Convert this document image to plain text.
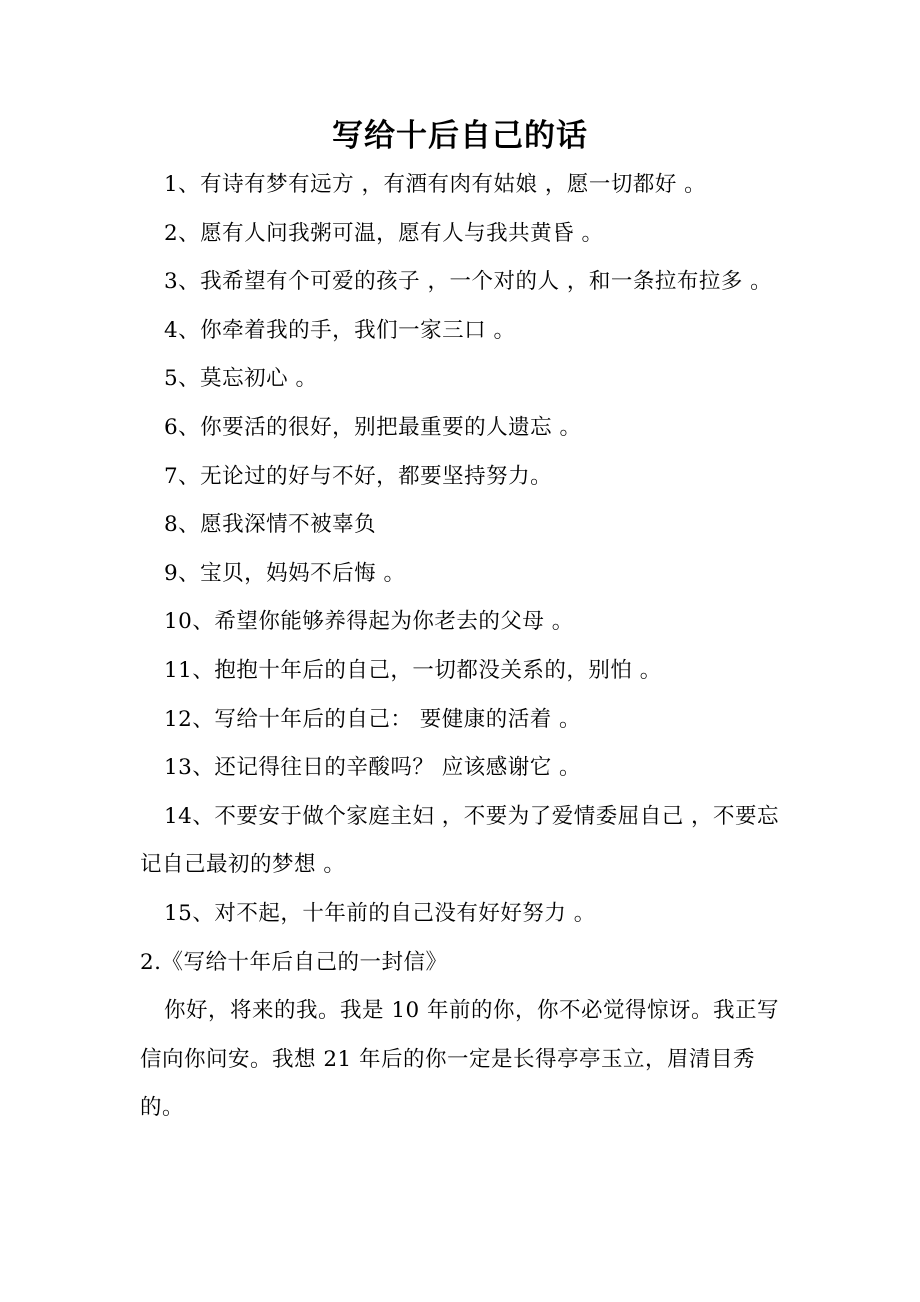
写给十后自己的话

1、有诗有梦有远方 ，有酒有肉有姑娘 ，愿一切都好 。

2、愿有人问我粥可温，愿有人与我共黄昏 。

3、我希望有个可爱的孩子 ，一个对的人 ，和一条拉布拉多 。

4、你牵着我的手，我们一家三口 。

5、莫忘初心 。

6、你要活的很好，别把最重要的人遗忘 。

7、无论过的好与不好，都要坚持努力。

8、愿我深情不被辜负

9、宝贝，妈妈不后悔 。

10、希望你能够养得起为你老去的父母 。

11、抱抱十年后的自己，一切都没关系的，别怕 。

12、写给十年后的自己： 要健康的活着 。

13、还记得往日的辛酸吗？ 应该感谢它 。

14、不要安于做个家庭主妇 ，不要为了爱情委屈自己 ，不要忘记自己最初的梦想 。

15、对不起，十年前的自己没有好好努力 。

2.《写给十年后自己的一封信》

你好，将来的我。我是 10 年前的你，你不必觉得惊讶。我正写信向你问安。我想 21 年后的你一定是长得亭亭玉立，眉清目秀的。
